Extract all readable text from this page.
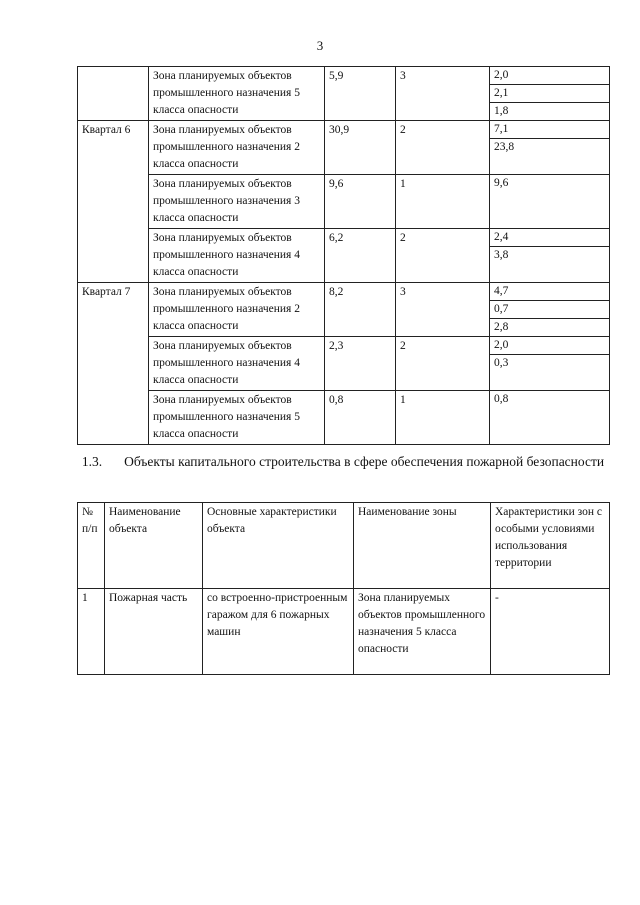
3
	Зона планируемых объектов промышленного назначения 5 класса опасности	5,9	3	2,0
2,1
1,8

Квартал 6	Зона планируемых объектов промышленного назначения 2 класса опасности	30,9	2	7,1
23,8

	Зона планируемых объектов промышленного назначения 3 класса опасности	9,6	1	9,6

	Зона планируемых объектов промышленного назначения 4 класса опасности	6,2	2	2,4
3,8

Квартал 7	Зона планируемых объектов промышленного назначения 2 класса опасности	8,2	3	4,7
0,7
2,8

	Зона планируемых объектов промышленного назначения 4 класса опасности	2,3	2	2,0
0,3

	Зона планируемых объектов промышленного назначения 5 класса опасности	0,8	1	0,8
1.3. Объекты капитального строительства в сфере обеспечения пожарной безопасности
№ п/п	Наименование объекта	Основные характеристики объекта	Наименование зоны	Характеристики зон с особыми условиями использования территории
1	Пожарная часть	со встроенно-пристроенным гаражом для 6 пожарных машин	Зона планируемых объектов промышленного назначения 5 класса опасности	-
